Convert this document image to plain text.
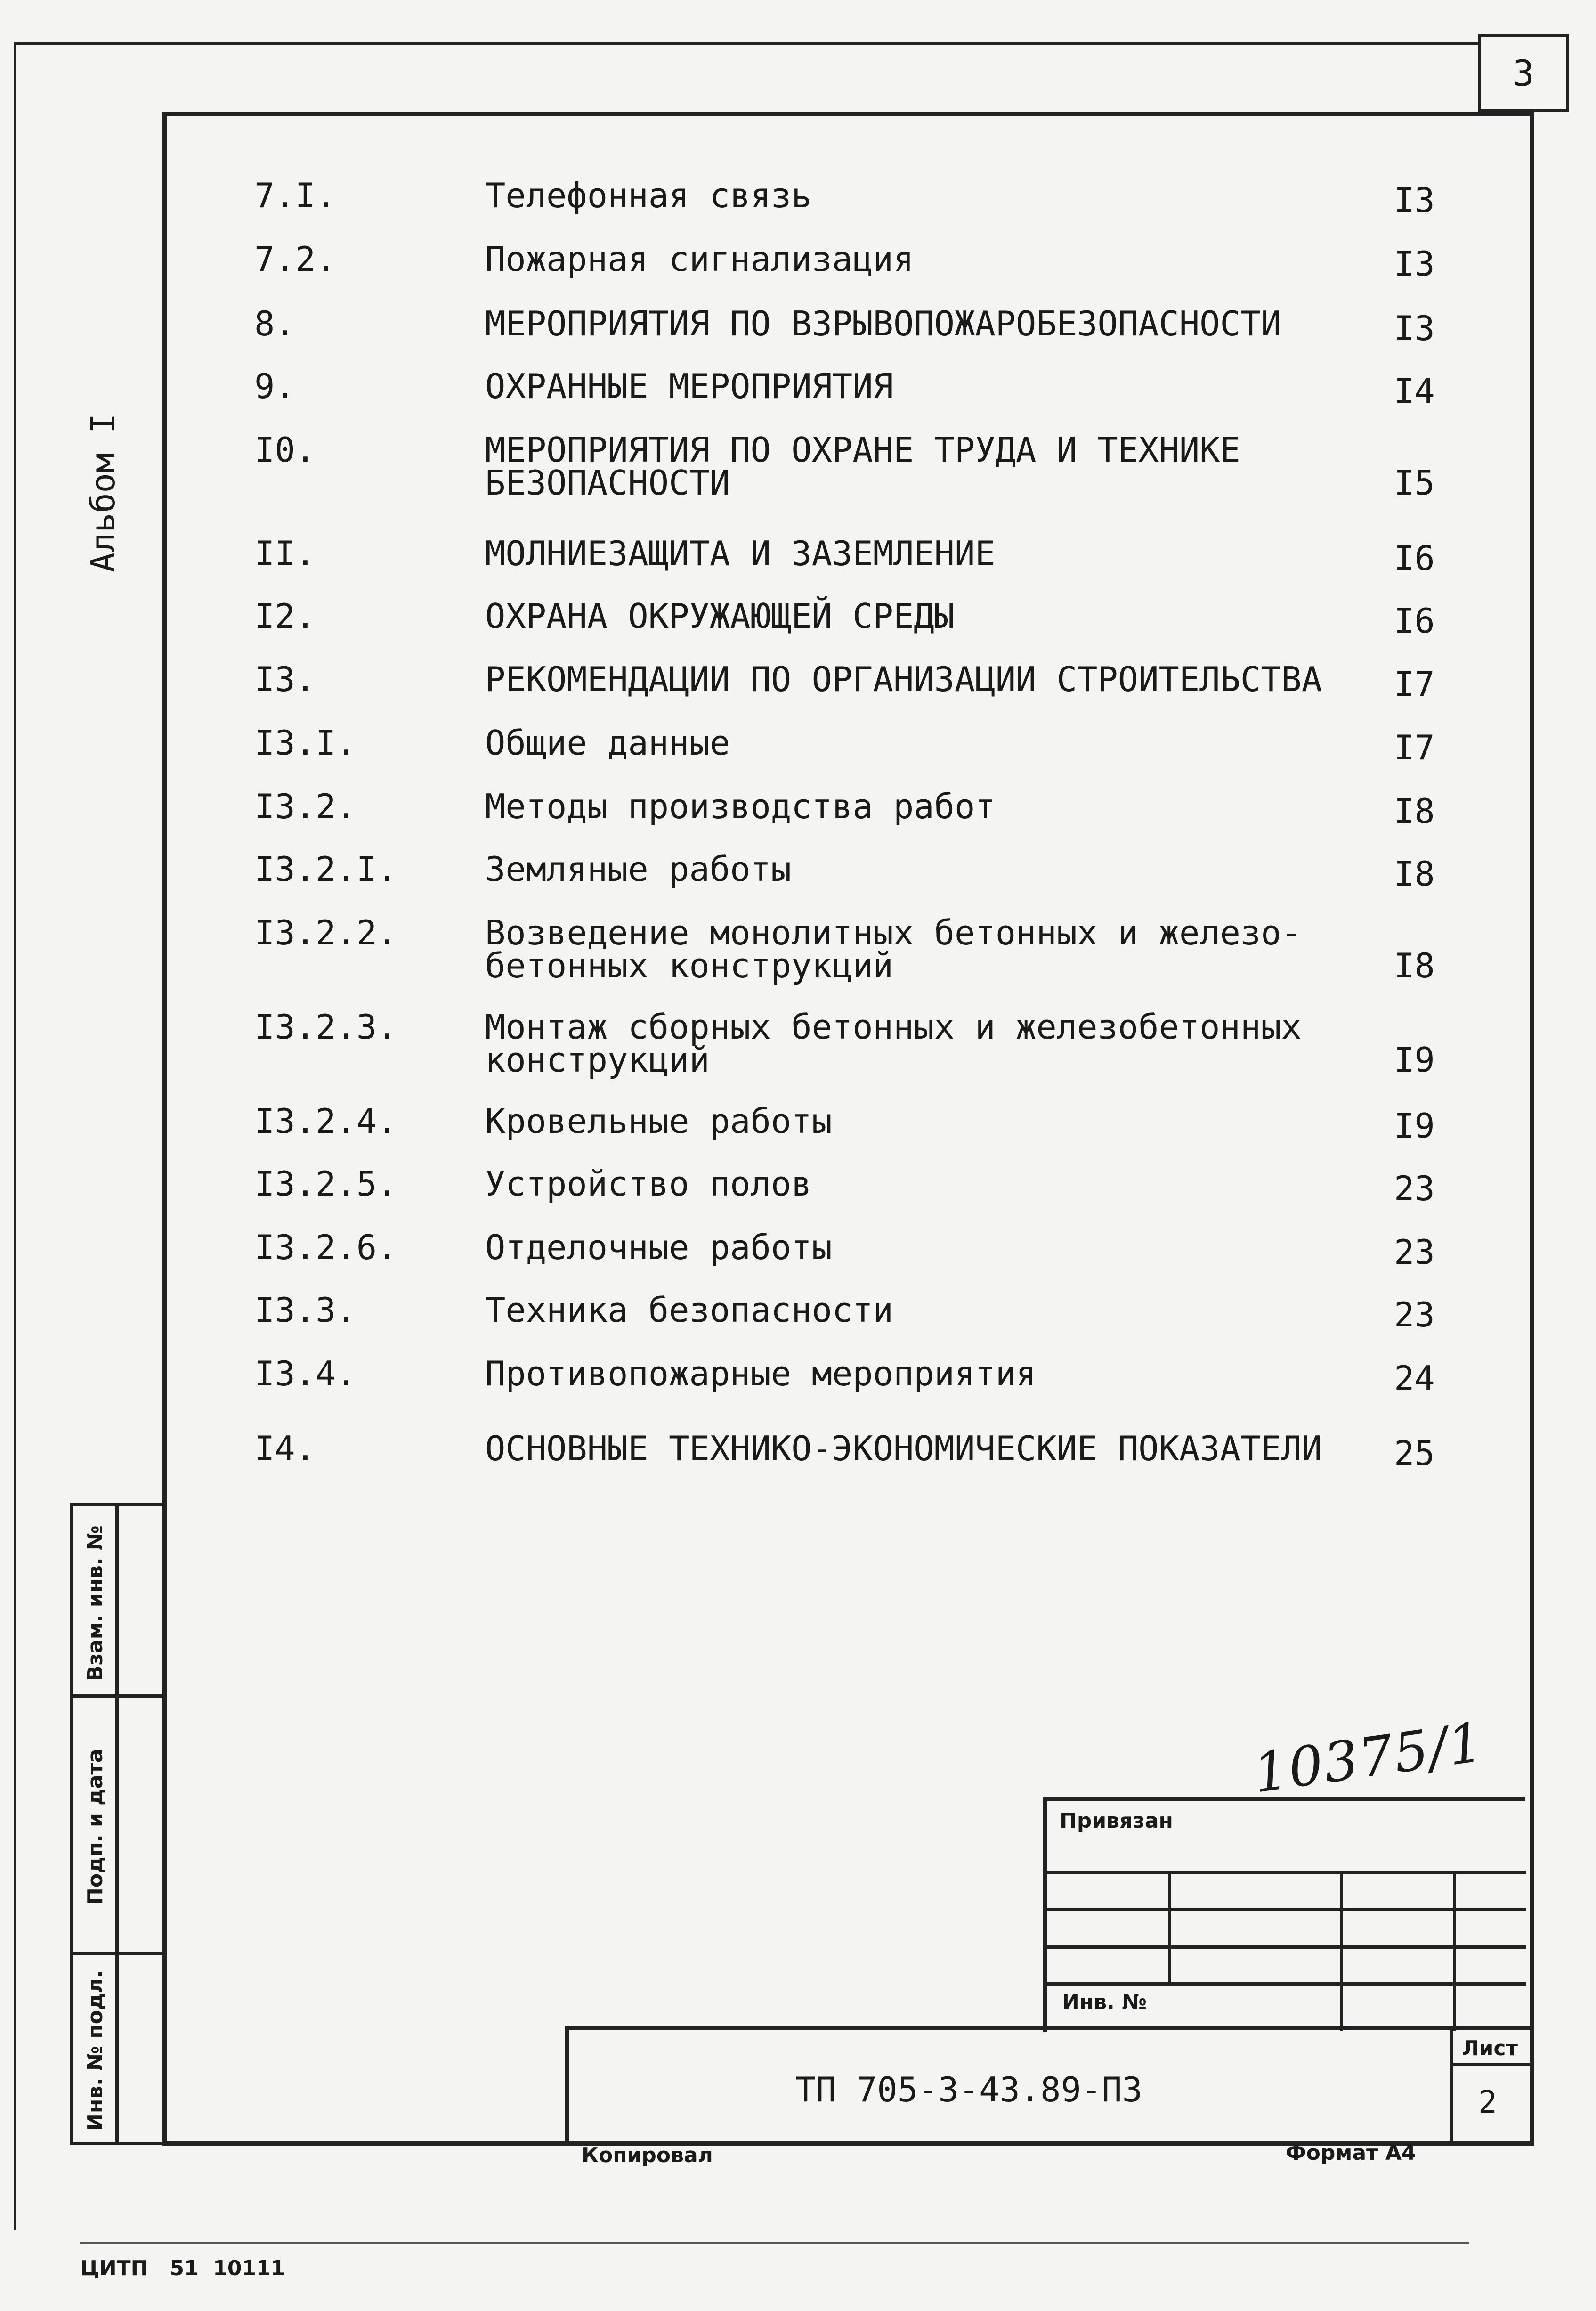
3
Альбом I
7.I.	Телефонная связь	I3
7.2.	Пожарная сигнализация	I3
8.	МЕРОПРИЯТИЯ ПО ВЗРЫВОПОЖАРОБЕЗОПАСНОСТИ	I3
9.	ОХРАННЫЕ МЕРОПРИЯТИЯ	I4
I0.	МЕРОПРИЯТИЯ ПО ОХРАНЕ ТРУДА И ТЕХНИКЕ
БЕЗОПАСНОСТИ	I5
II.	МОЛНИЕЗАЩИТА И ЗАЗЕМЛЕНИЕ	I6
I2.	ОХРАНА ОКРУЖАЮЩЕЙ СРЕДЫ	I6
I3.	РЕКОМЕНДАЦИИ ПО ОРГАНИЗАЦИИ СТРОИТЕЛЬСТВА	I7
I3.I.	Общие данные	I7
I3.2.	Методы производства работ	I8
I3.2.I.	Земляные работы	I8
I3.2.2.	Возведение монолитных бетонных и железо-
бетонных конструкций	I8
I3.2.3.	Монтаж сборных бетонных и железобетонных
конструкций	I9
I3.2.4.	Кровельные работы	I9
I3.2.5.	Устройство полов	23
I3.2.6.	Отделочные работы	23
I3.3.	Техника безопасности	23
I3.4.	Противопожарные мероприятия	24
I4.	ОСНОВНЫЕ ТЕХНИКО-ЭКОНОМИЧЕСКИЕ ПОКАЗАТЕЛИ	25
Взам. инв. №
Подп. и дата
Инв. № подл.
10375/1
Привязан
Инв. №
ТП 705-3-43.89-ПЗ
Лист
2
Копировал	Формат А4
ЦИТП   51  10111
